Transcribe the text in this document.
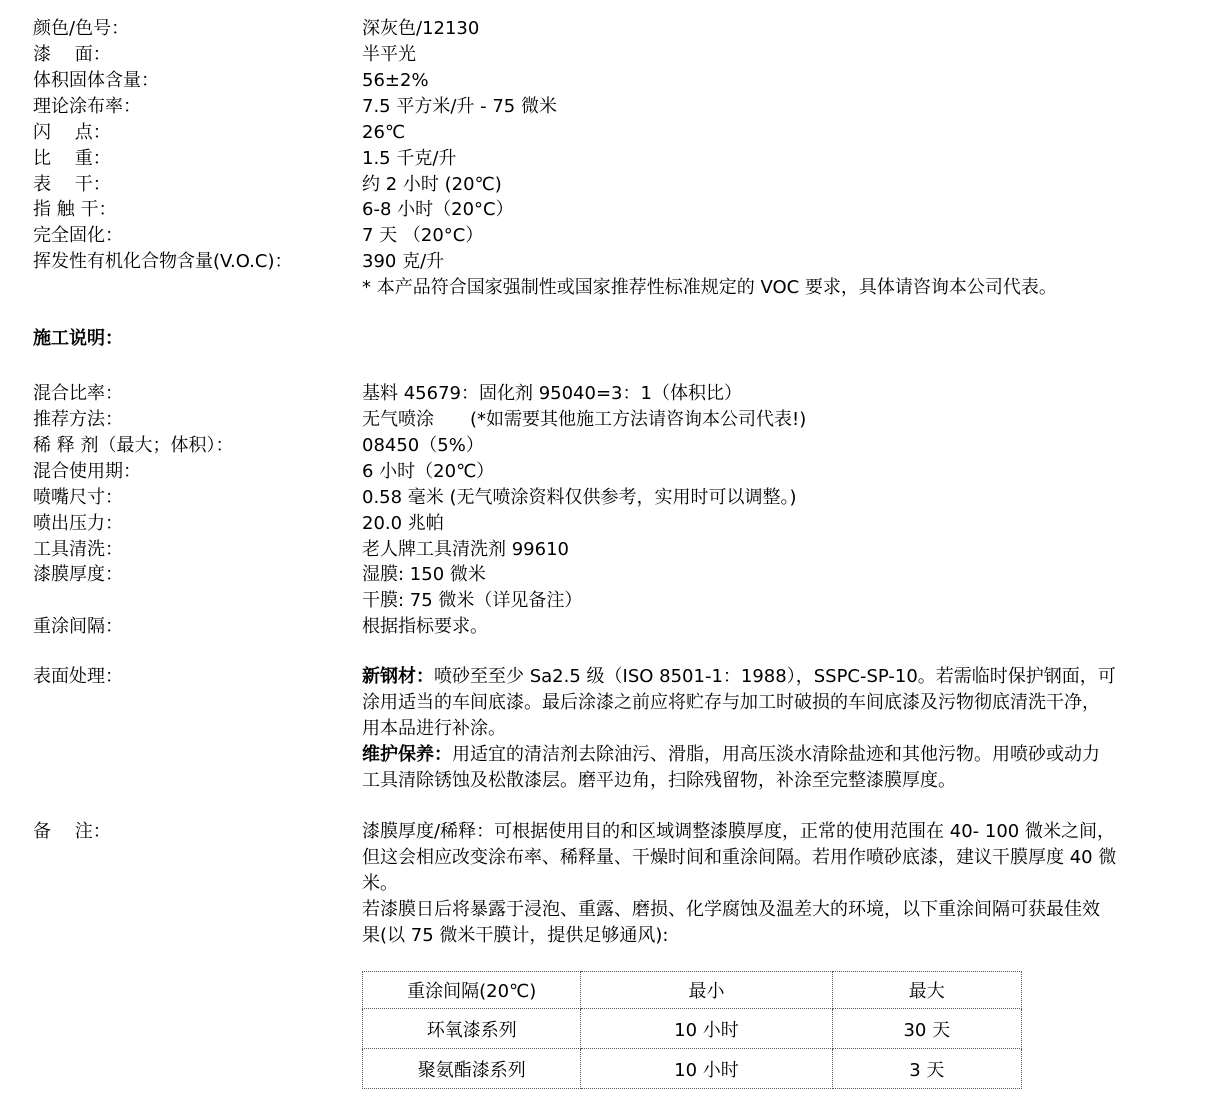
颜色/色号：	深灰色/12130
漆　 面：	半平光
体积固体含量：	56±2%
理论涂布率：	7.5 平方米/升 - 75 微米
闪　 点：	26℃
比　 重：	1.5 千克/升
表　 干：	约 2 小时 (20℃)
指 触 干：	6-8 小时（20°C）
完全固化：	7 天 （20°C）
挥发性有机化合物含量(V.O.C)：	390 克/升
* 本产品符合国家强制性或国家推荐性标准规定的 VOC 要求，具体请咨询本公司代表。
施工说明：
混合比率：	基料 45679：固化剂 95040=3：1（体积比）
推荐方法：	无气喷涂　　(*如需要其他施工方法请咨询本公司代表!)
稀 释 剂（最大；体积）：	08450（5%）
混合使用期：	6 小时（20℃）
喷嘴尺寸：	0.58 毫米 (无气喷涂资料仅供参考，实用时可以调整。)
喷出压力：	20.0 兆帕
工具清洗：	老人牌工具清洗剂 99610
漆膜厚度：	湿膜: 150 微米
干膜: 75 微米（详见备注）
重涂间隔：	根据指标要求。
表面处理：	新钢材：喷砂至至少 Sa2.5 级（ISO 8501-1：1988），SSPC-SP-10。若需临时保护钢面，可
涂用适当的车间底漆。最后涂漆之前应将贮存与加工时破损的车间底漆及污物彻底清洗干净，
用本品进行补涂。
维护保养：用适宜的清洁剂去除油污、滑脂，用高压淡水清除盐迹和其他污物。用喷砂或动力
工具清除锈蚀及松散漆层。磨平边角，扫除残留物，补涂至完整漆膜厚度。
备　 注：	漆膜厚度/稀释：可根据使用目的和区域调整漆膜厚度，正常的使用范围在 40- 100 微米之间，
但这会相应改变涂布率、稀释量、干燥时间和重涂间隔。若用作喷砂底漆，建议干膜厚度 40 微
米。
若漆膜日后将暴露于浸泡、重露、磨损、化学腐蚀及温差大的环境，以下重涂间隔可获最佳效
果(以 75 微米干膜计，提供足够通风):
重涂间隔(20℃)	最小	最大
环氧漆系列	10 小时	30 天
聚氨酯漆系列	10 小时	3 天
